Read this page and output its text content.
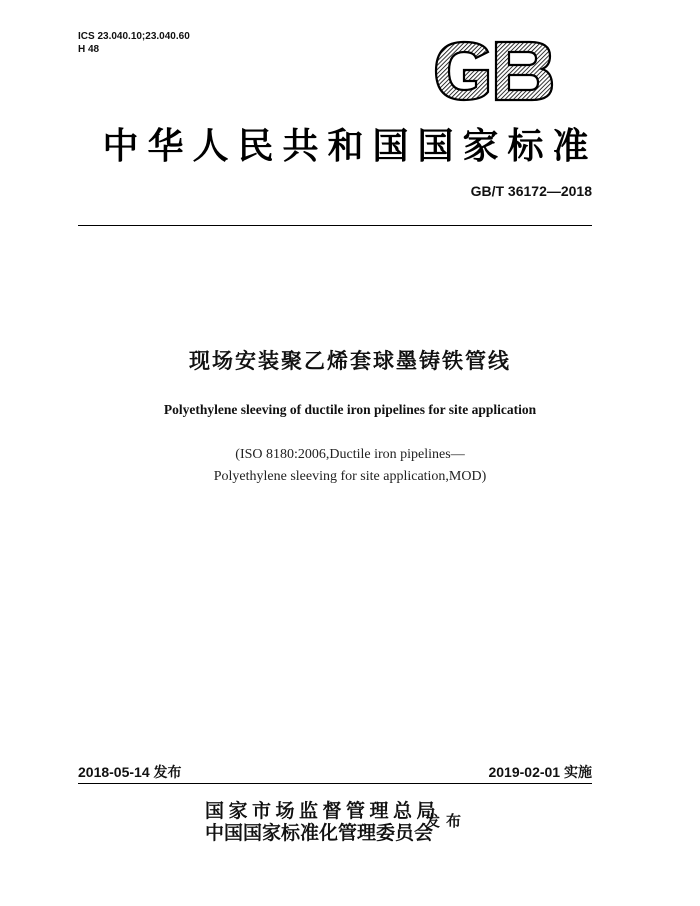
ICS 23.040.10;23.040.60
H 48
中华人民共和国国家标准
GB/T 36172—2018
现场安装聚乙烯套球墨铸铁管线
Polyethylene sleeving of ductile iron pipelines for site application
(ISO 8180:2006,Ductile iron pipelines—
Polyethylene sleeving for site application,MOD)
2018-05-14 发布	2019-02-01 实施
国家市场监督管理总局
中国国家标准化管理委员会
发布
